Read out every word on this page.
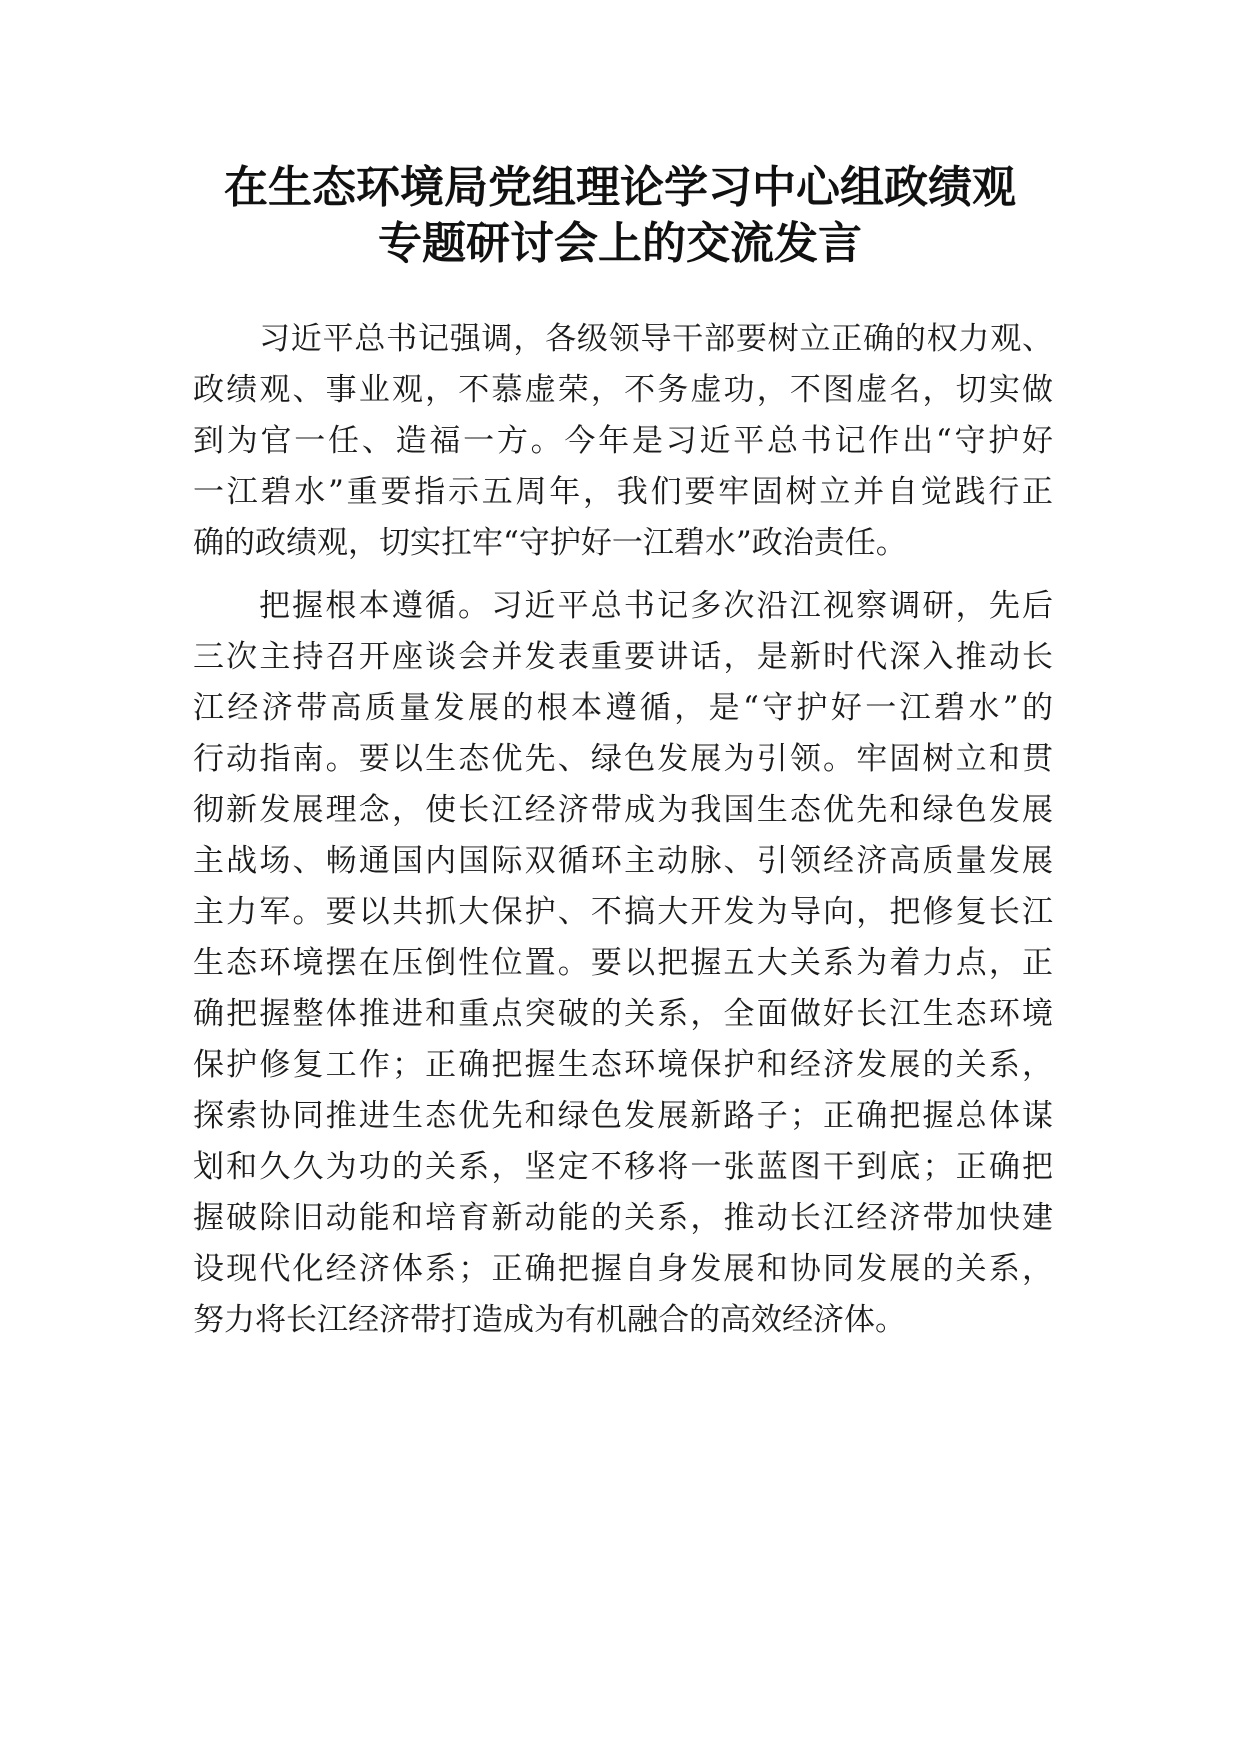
在生态环境局党组理论学习中心组政绩观
专题研讨会上的交流发言
习近平总书记强调，各级领导干部要树立正确的权力观、
政绩观、事业观，不慕虚荣，不务虚功，不图虚名，切实做
到为官一任、造福一方。今年是习近平总书记作出“守护好
一江碧水”重要指示五周年，我们要牢固树立并自觉践行正
确的政绩观，切实扛牢“守护好一江碧水”政治责任。
把握根本遵循。习近平总书记多次沿江视察调研，先后
三次主持召开座谈会并发表重要讲话，是新时代深入推动长
江经济带高质量发展的根本遵循，是“守护好一江碧水”的
行动指南。要以生态优先、绿色发展为引领。牢固树立和贯
彻新发展理念，使长江经济带成为我国生态优先和绿色发展
主战场、畅通国内国际双循环主动脉、引领经济高质量发展
主力军。要以共抓大保护、不搞大开发为导向，把修复长江
生态环境摆在压倒性位置。要以把握五大关系为着力点，正
确把握整体推进和重点突破的关系，全面做好长江生态环境
保护修复工作；正确把握生态环境保护和经济发展的关系，
探索协同推进生态优先和绿色发展新路子；正确把握总体谋
划和久久为功的关系，坚定不移将一张蓝图干到底；正确把
握破除旧动能和培育新动能的关系，推动长江经济带加快建
设现代化经济体系；正确把握自身发展和协同发展的关系，
努力将长江经济带打造成为有机融合的高效经济体。
